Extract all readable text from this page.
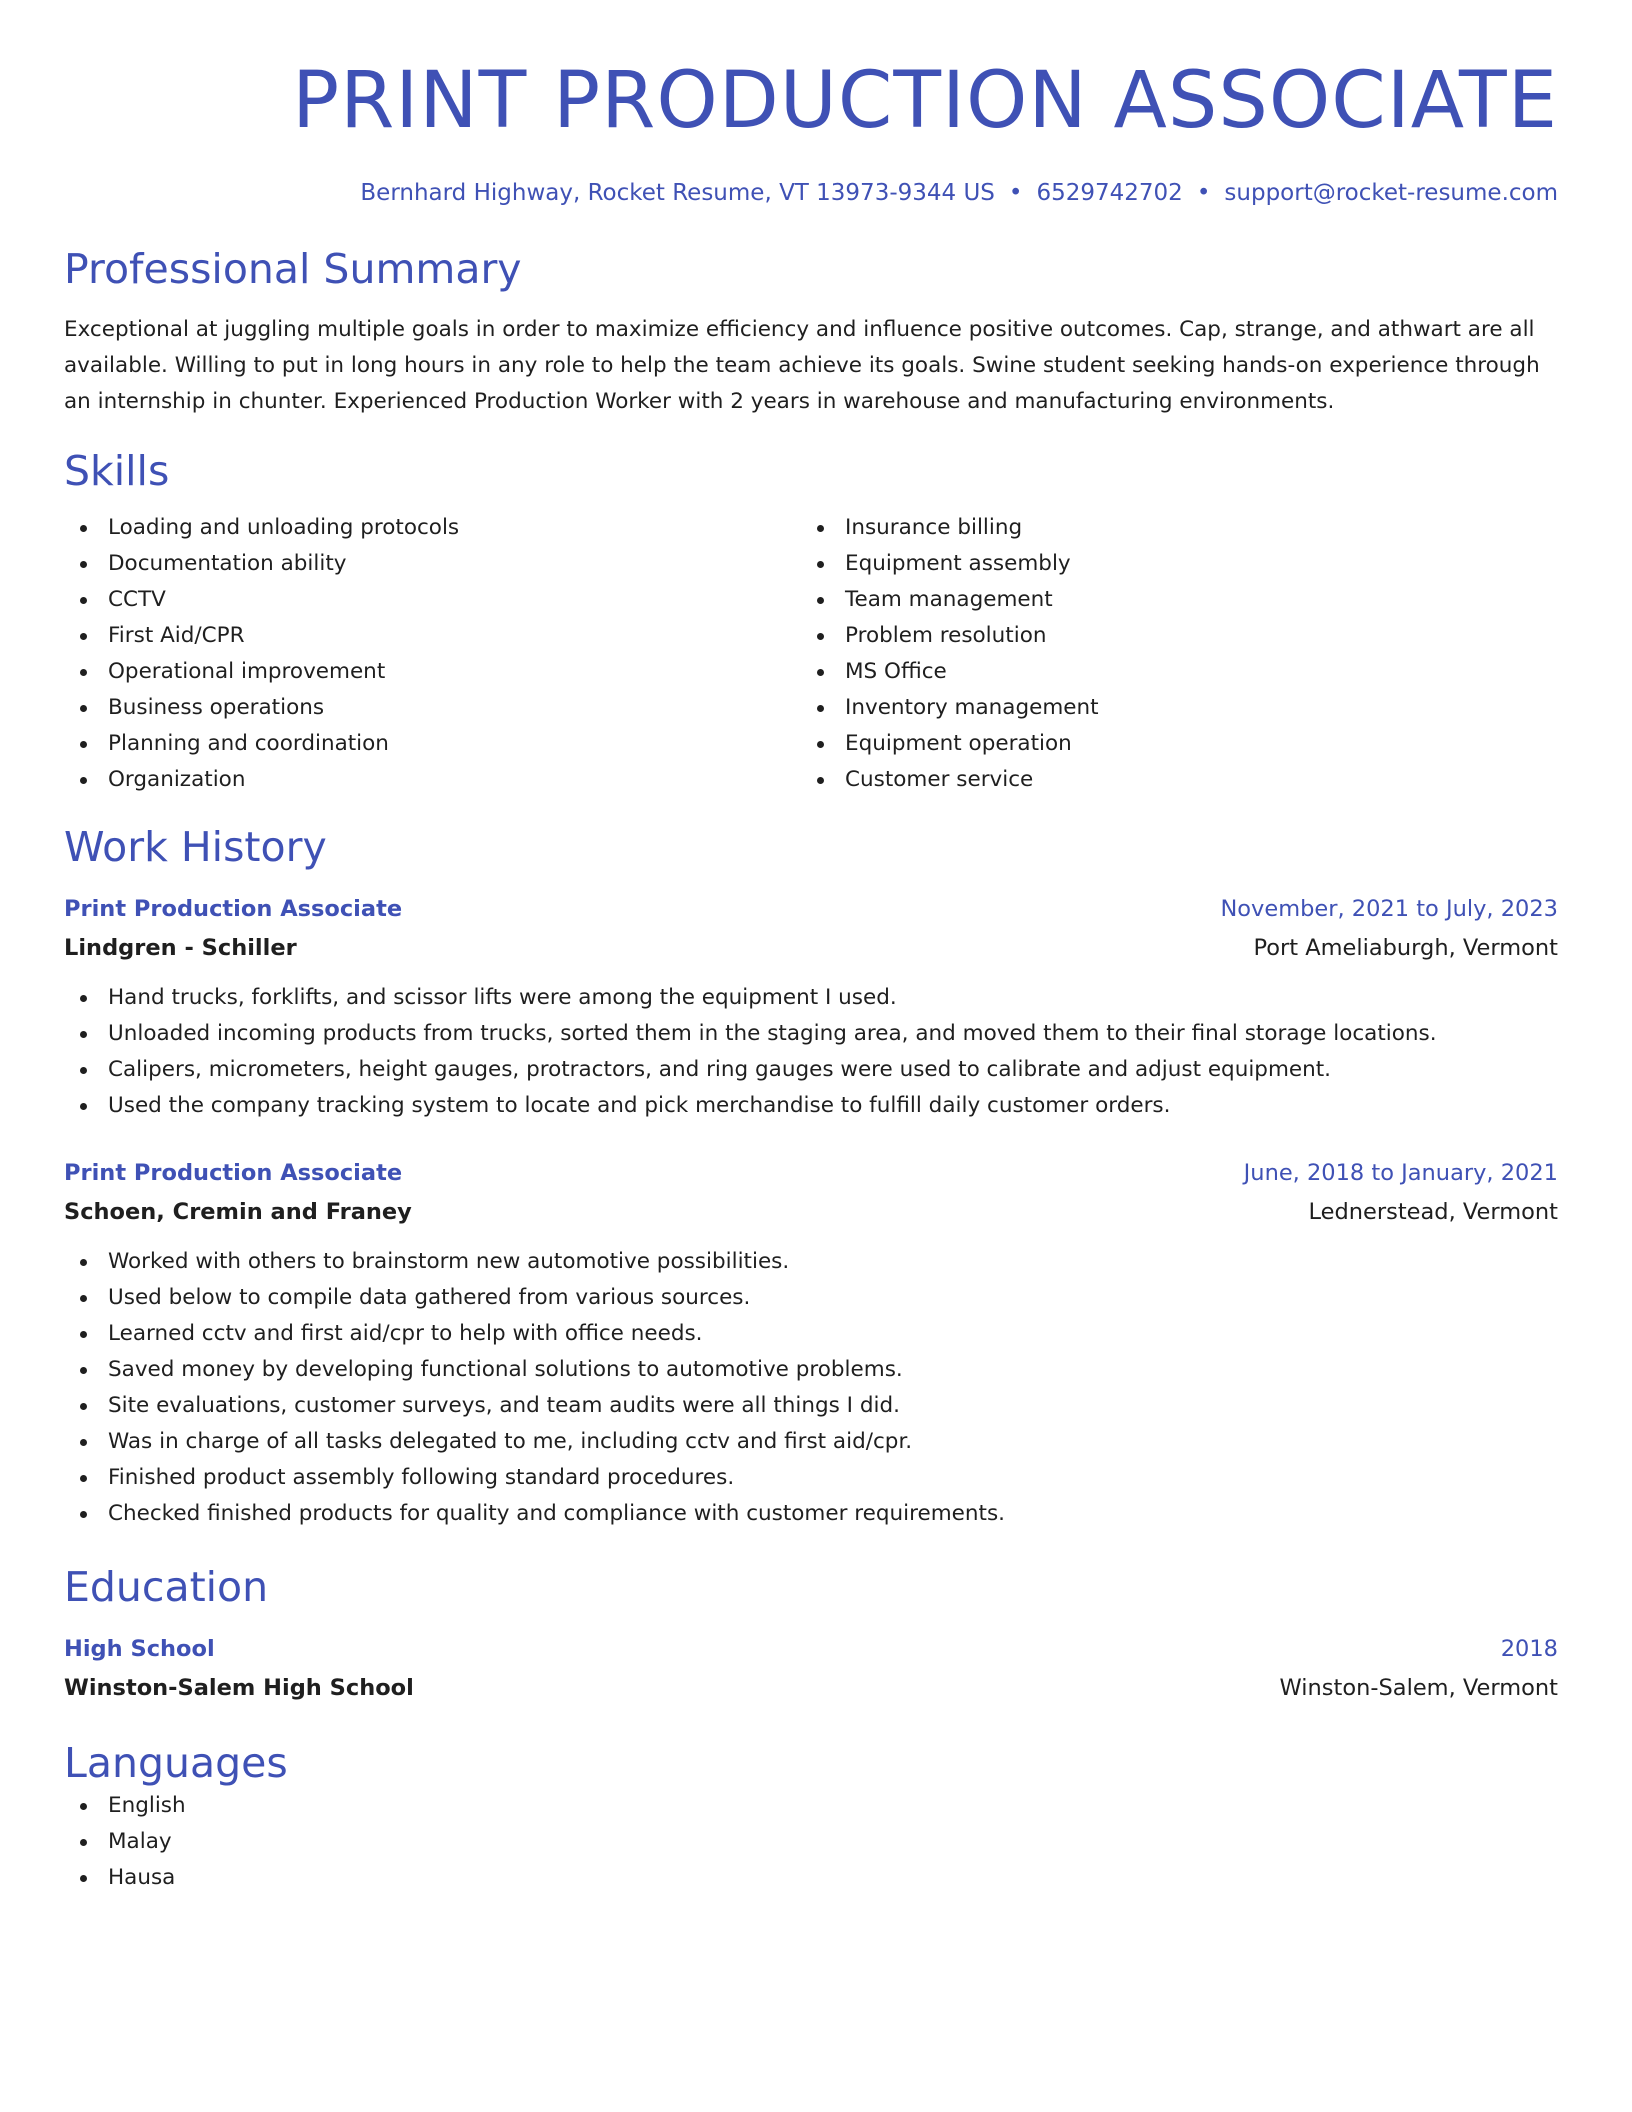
PRINT PRODUCTION ASSOCIATE
Bernhard Highway, Rocket Resume, VT 13973-9344 US • 6529742702 • support@rocket-resume.com
Professional Summary

Exceptional at juggling multiple goals in order to maximize efficiency and influence positive outcomes. Cap, strange, and athwart are all available. Willing to put in long hours in any role to help the team achieve its goals. Swine student seeking hands-on experience through an internship in chunter. Experienced Production Worker with 2 years in warehouse and manufacturing environments.

Skills
Loading and unloading protocols
Documentation ability
CCTV
First Aid/CPR
Operational improvement
Business operations
Planning and coordination
Organization
Insurance billing
Equipment assembly
Team management
Problem resolution
MS Office
Inventory management
Equipment operation
Customer service
Work History
Print Production Associate	November, 2021 to July, 2023
Lindgren - Schiller	Port Ameliaburgh, Vermont
Hand trucks, forklifts, and scissor lifts were among the equipment I used.
Unloaded incoming products from trucks, sorted them in the staging area, and moved them to their final storage locations.
Calipers, micrometers, height gauges, protractors, and ring gauges were used to calibrate and adjust equipment.
Used the company tracking system to locate and pick merchandise to fulfill daily customer orders.
Print Production Associate	June, 2018 to January, 2021
Schoen, Cremin and Franey	Lednerstead, Vermont
Worked with others to brainstorm new automotive possibilities.
Used below to compile data gathered from various sources.
Learned cctv and first aid/cpr to help with office needs.
Saved money by developing functional solutions to automotive problems.
Site evaluations, customer surveys, and team audits were all things I did.
Was in charge of all tasks delegated to me, including cctv and first aid/cpr.
Finished product assembly following standard procedures.
Checked finished products for quality and compliance with customer requirements.
Education
High School	2018
Winston-Salem High School	Winston-Salem, Vermont
Languages
English
Malay
Hausa
